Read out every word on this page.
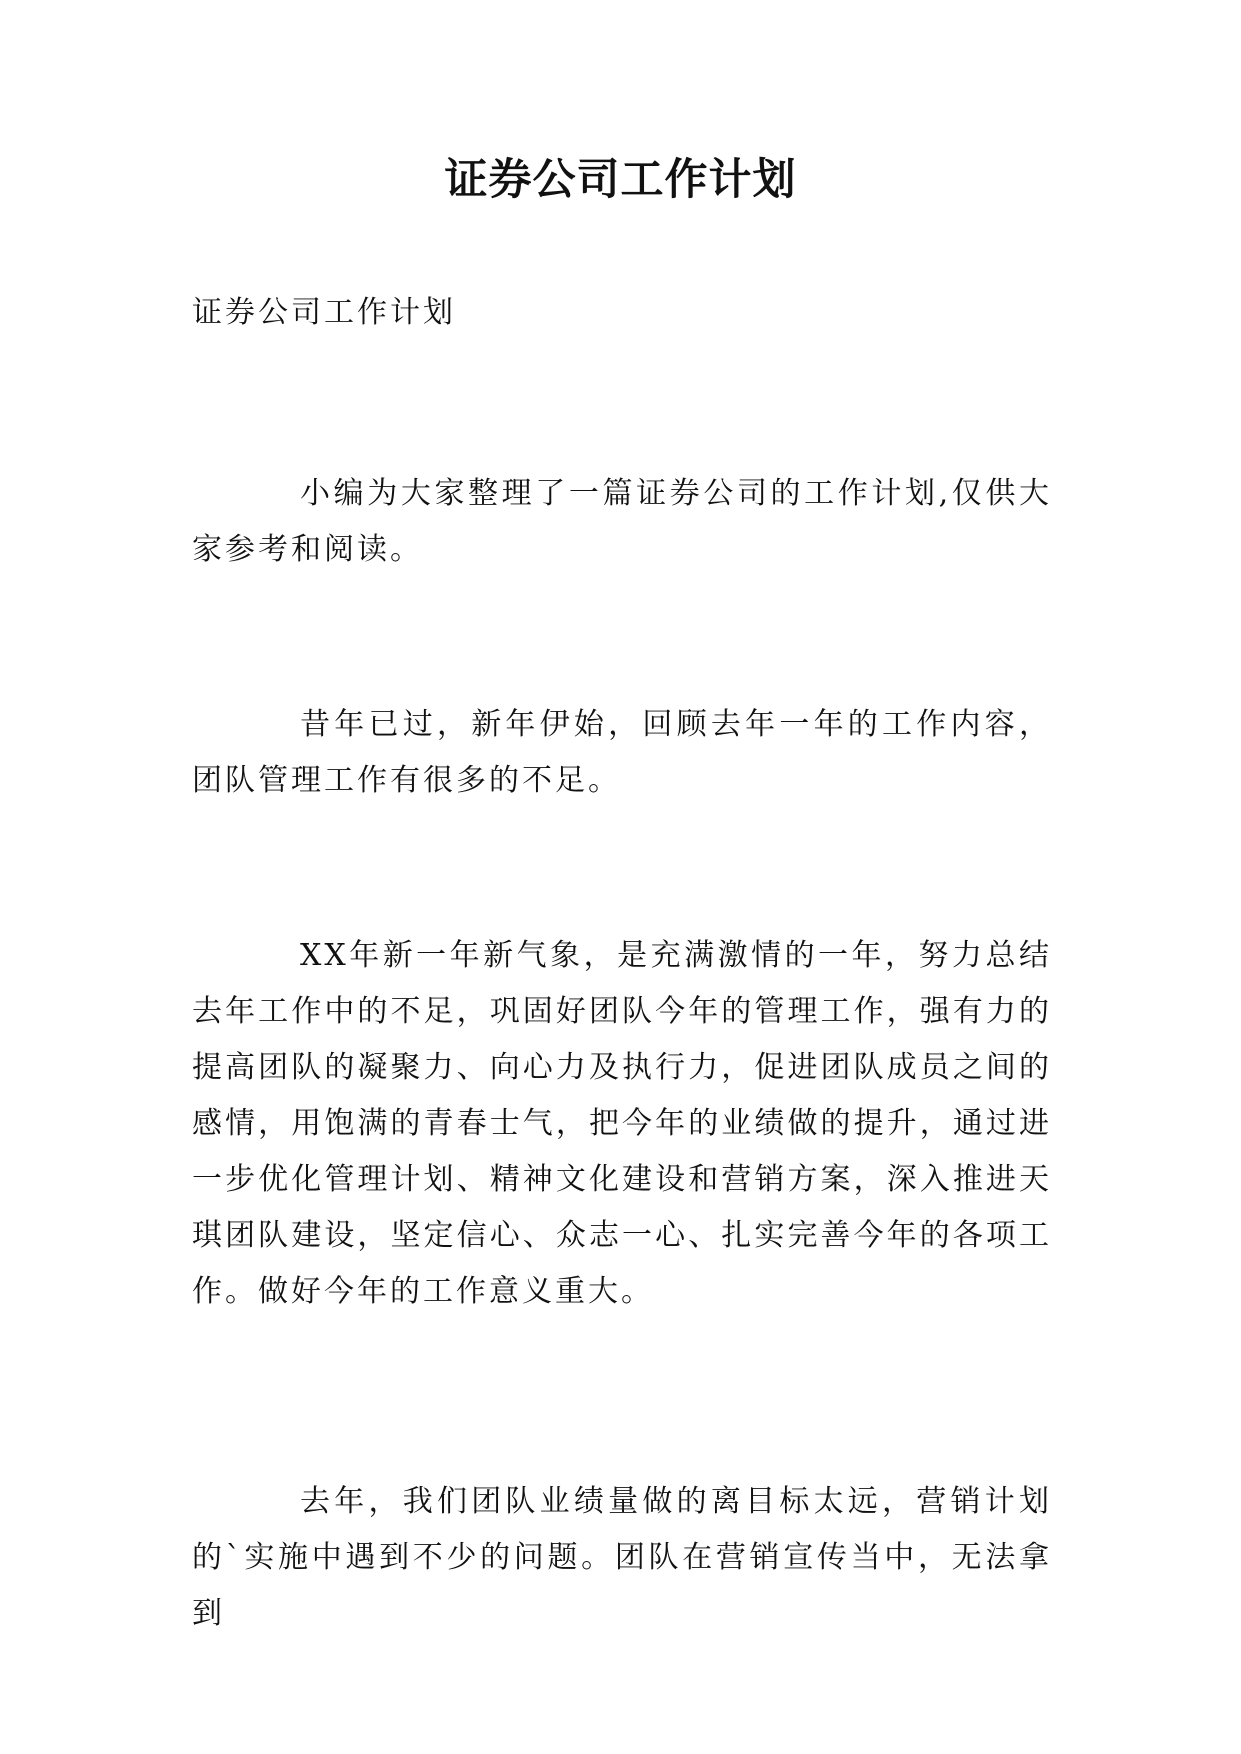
证券公司工作计划
证券公司工作计划

小编为大家整理了一篇证券公司的工作计划,仅供大家参考和阅读。

昔年已过，新年伊始，回顾去年一年的工作内容，团队管理工作有很多的不足。

XX年新一年新气象，是充满激情的一年，努力总结去年工作中的不足，巩固好团队今年的管理工作，强有力的提高团队的凝聚力、向心力及执行力，促进团队成员之间的感情，用饱满的青春士气，把今年的业绩做的提升，通过进一步优化管理计划、精神文化建设和营销方案，深入推进天琪团队建设，坚定信心、众志一心、扎实完善今年的各项工作。做好今年的工作意义重大。

去年，我们团队业绩量做的离目标太远，营销计划的`实施中遇到不少的问题。团队在营销宣传当中，无法拿到
